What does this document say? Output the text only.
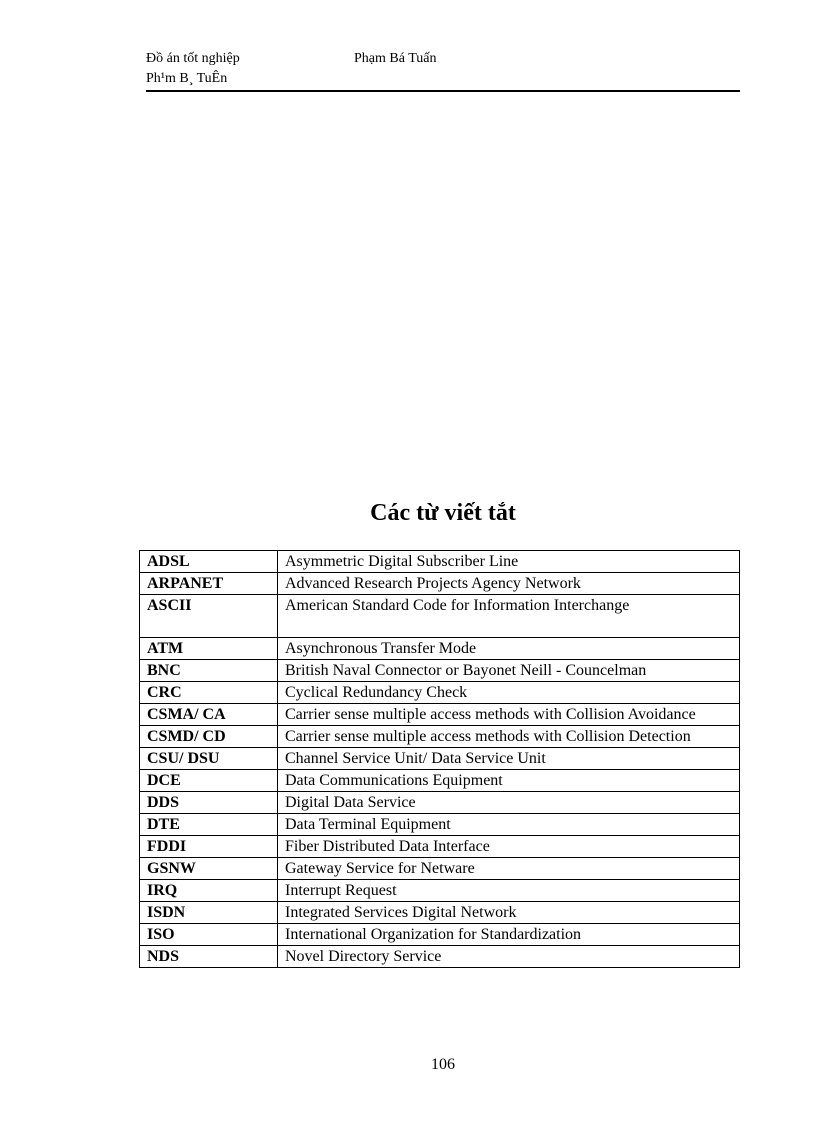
Đồ án tốt nghiệp	Phạm Bá Tuấn
Ph¹m B¸ TuÊn
Các từ viết tắt
ADSL	Asymmetric Digital Subscriber Line
ARPANET	Advanced Research Projects Agency Network
ASCII	American Standard Code for Information Interchange
ATM	Asynchronous Transfer Mode
BNC	British Naval Connector or Bayonet Neill - Councelman
CRC	Cyclical Redundancy Check
CSMA/ CA	Carrier sense multiple access methods with Collision Avoidance
CSMD/ CD	Carrier sense multiple access methods with Collision Detection
CSU/ DSU	Channel Service Unit/ Data Service Unit
DCE	Data Communications Equipment
DDS	Digital Data Service
DTE	Data Terminal Equipment
FDDI	Fiber Distributed Data Interface
GSNW	Gateway Service for Netware
IRQ	Interrupt Request
ISDN	Integrated Services Digital Network
ISO	International Organization for Standardization
NDS	Novel Directory Service
106
